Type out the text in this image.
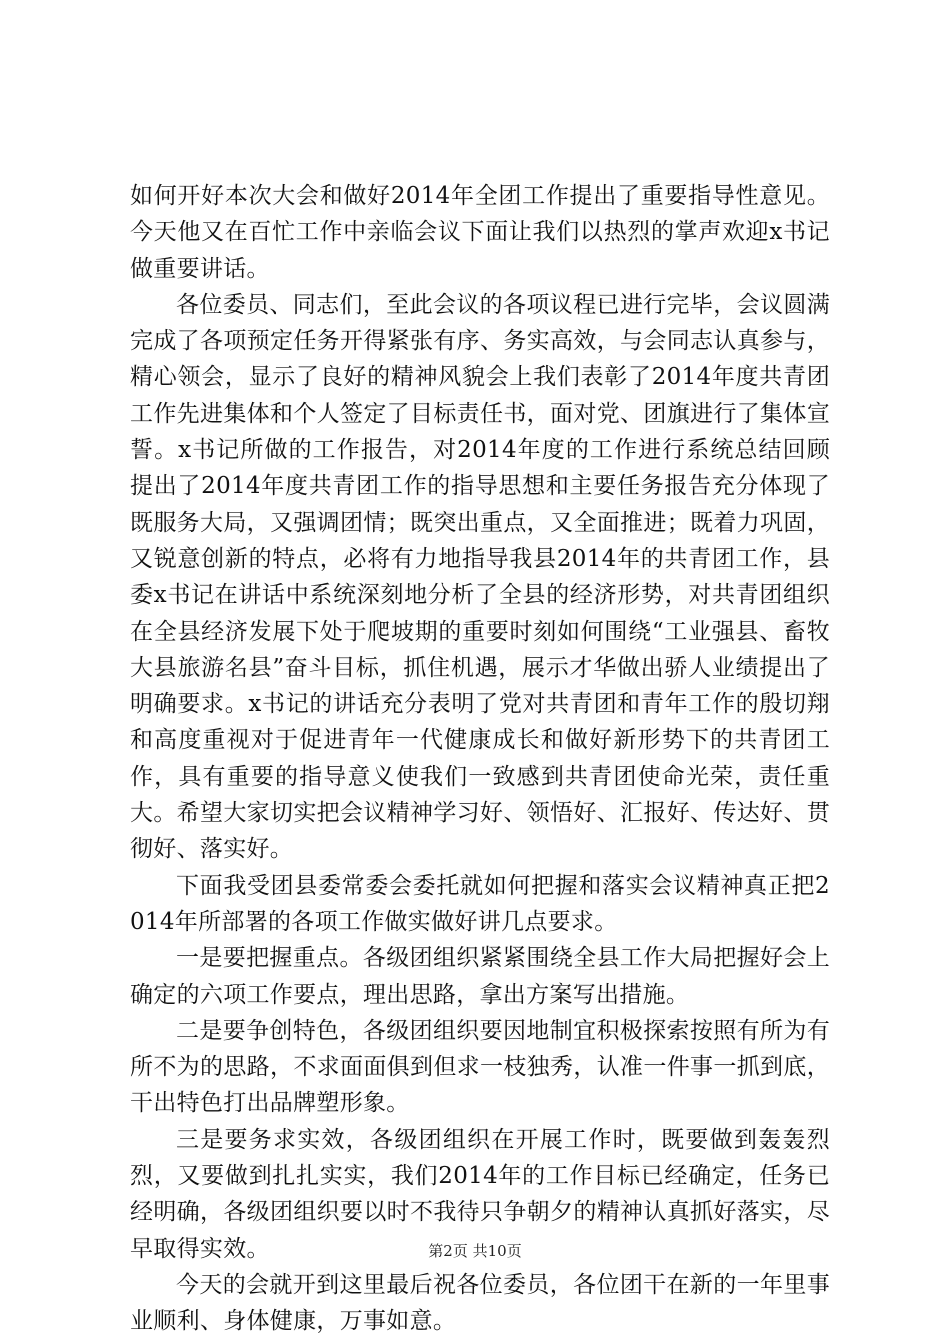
如何开好本次大会和做好2014年全团工作提出了重要指导性意见。今天他又在百忙工作中亲临会议下面让我们以热烈的掌声欢迎x书记做重要讲话。

各位委员、同志们，至此会议的各项议程已进行完毕，会议圆满完成了各项预定任务开得紧张有序、务实高效，与会同志认真参与，精心领会，显示了良好的精神风貌会上我们表彰了2014年度共青团工作先进集体和个人签定了目标责任书，面对党、团旗进行了集体宣誓。x书记所做的工作报告，对2014年度的工作进行系统总结回顾提出了2014年度共青团工作的指导思想和主要任务报告充分体现了既服务大局，又强调团情；既突出重点，又全面推进；既着力巩固，又锐意创新的特点，必将有力地指导我县2014年的共青团工作，县委x书记在讲话中系统深刻地分析了全县的经济形势，对共青团组织在全县经济发展下处于爬坡期的重要时刻如何围绕“工业强县、畜牧大县旅游名县”奋斗目标，抓住机遇，展示才华做出骄人业绩提出了明确要求。x书记的讲话充分表明了党对共青团和青年工作的殷切翔和高度重视对于促进青年一代健康成长和做好新形势下的共青团工作，具有重要的指导意义使我们一致感到共青团使命光荣，责任重大。希望大家切实把会议精神学习好、领悟好、汇报好、传达好、贯彻好、落实好。

下面我受团县委常委会委托就如何把握和落实会议精神真正把2014年所部署的各项工作做实做好讲几点要求。

一是要把握重点。各级团组织紧紧围绕全县工作大局把握好会上确定的六项工作要点，理出思路，拿出方案写出措施。

二是要争创特色，各级团组织要因地制宜积极探索按照有所为有所不为的思路，不求面面俱到但求一枝独秀，认准一件事一抓到底，干出特色打出品牌塑形象。

三是要务求实效，各级团组织在开展工作时，既要做到轰轰烈烈，又要做到扎扎实实，我们2014年的工作目标已经确定，任务已经明确，各级团组织要以时不我待只争朝夕的精神认真抓好落实，尽早取得实效。

今天的会就开到这里最后祝各位委员，各位团干在新的一年里事业顺利、身体健康，万事如意。

第2页 共10页
